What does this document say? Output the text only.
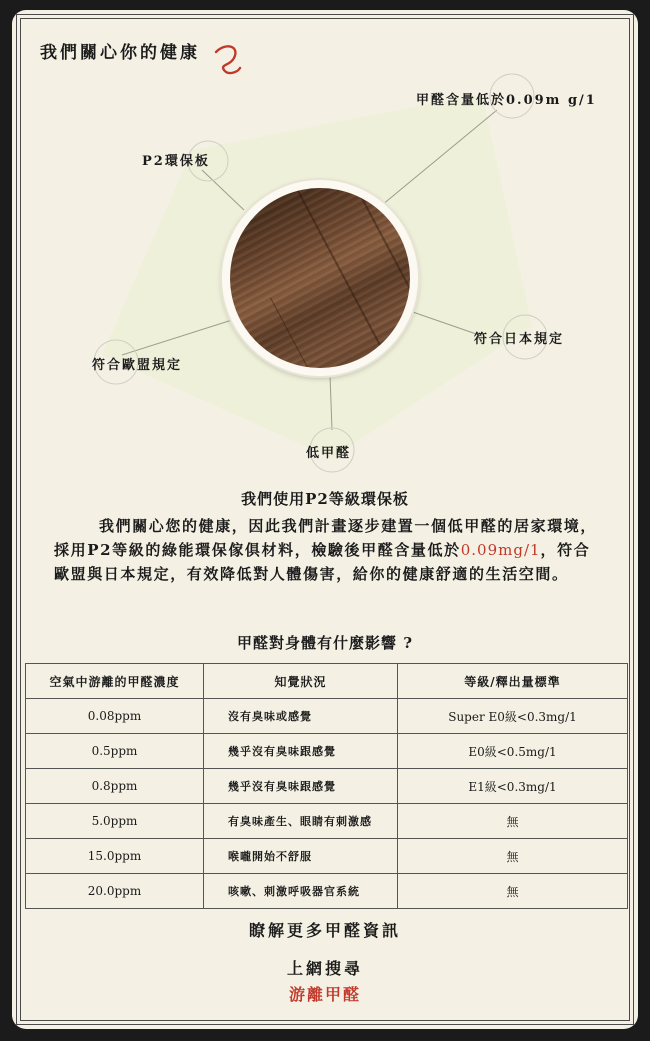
我們關心你的健康
甲醛含量低於0.09m g/1
P2環保板
符合日本規定
符合歐盟規定
低甲醛
我們使用P2等級環保板
我們關心您的健康，因此我們計畫逐步建置一個低甲醛的居家環境，採用P2等級的綠能環保傢俱材料，檢驗後甲醛含量低於0.09mg/1，符合歐盟與日本規定，有效降低對人體傷害，給你的健康舒適的生活空間。
甲醛對身體有什麼影響 ?
空氣中游離的甲醛濃度	知覺狀況	等級/釋出量標準
0.08ppm	沒有臭味或感覺	Super E0級<0.3mg/1
0.5ppm	幾乎沒有臭味跟感覺	E0級<0.5mg/1
0.8ppm	幾乎沒有臭味跟感覺	E1級<0.3mg/1
5.0ppm	有臭味產生、眼睛有刺激感	無
15.0ppm	喉嚨開始不舒服	無
20.0ppm	咳嗽、刺激呼吸器官系統	無
瞭解更多甲醛資訊
上網搜尋
游離甲醛
